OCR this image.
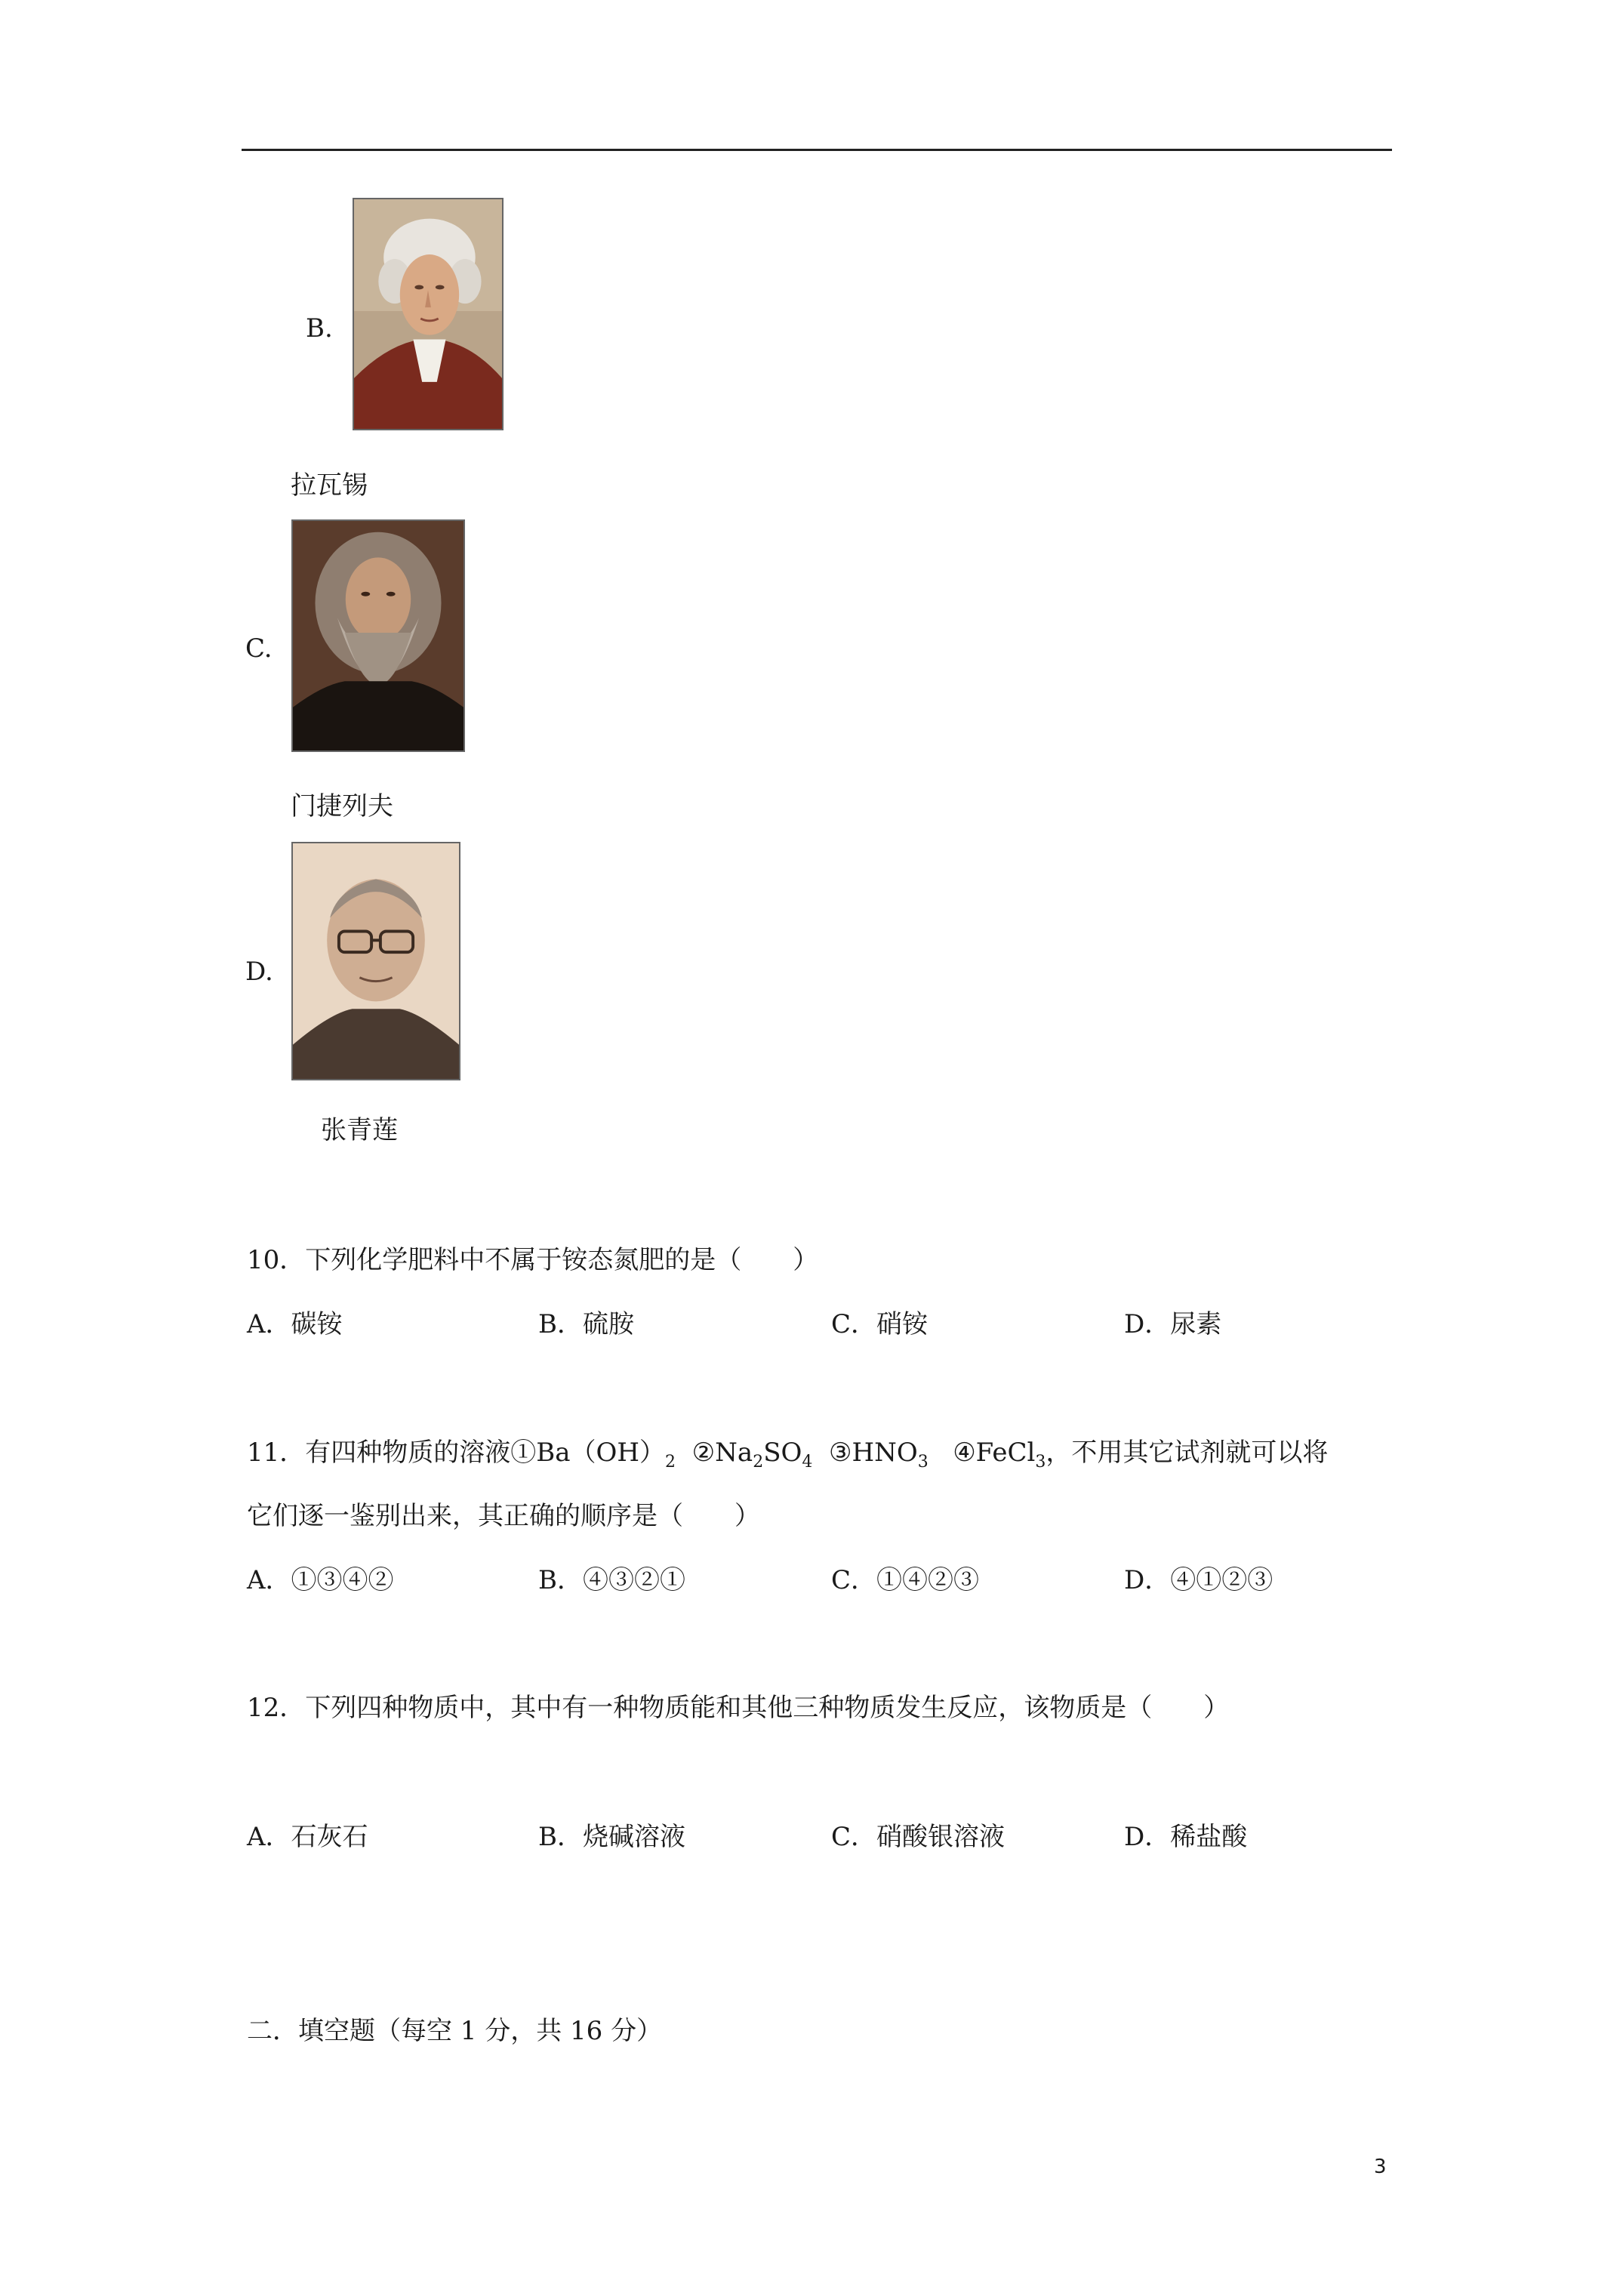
B.
拉瓦锡
C.
门捷列夫
D.
张青莲
10．下列化学肥料中不属于铵态氮肥的是（　　）
A．碳铵	B．硫胺	C．硝铵	D．尿素
11．有四种物质的溶液$①Ba(OH)_2$ $②Na_2SO_4$ $③HNO_3$ ④FeCl$_3$，不用其它试剂就可以将
它们逐一鉴别出来，其正确的顺序是（　　）
A．①③④②	B．④③②①	C．①④②③	D．④①②③
12．下列四种物质中，其中有一种物质能和其他三种物质发生反应，该物质是（　　）
A．石灰石	B．烧碱溶液	C．硝酸银溶液	D．稀盐酸
二．填空题（每空 1 分，共 16 分）
3
